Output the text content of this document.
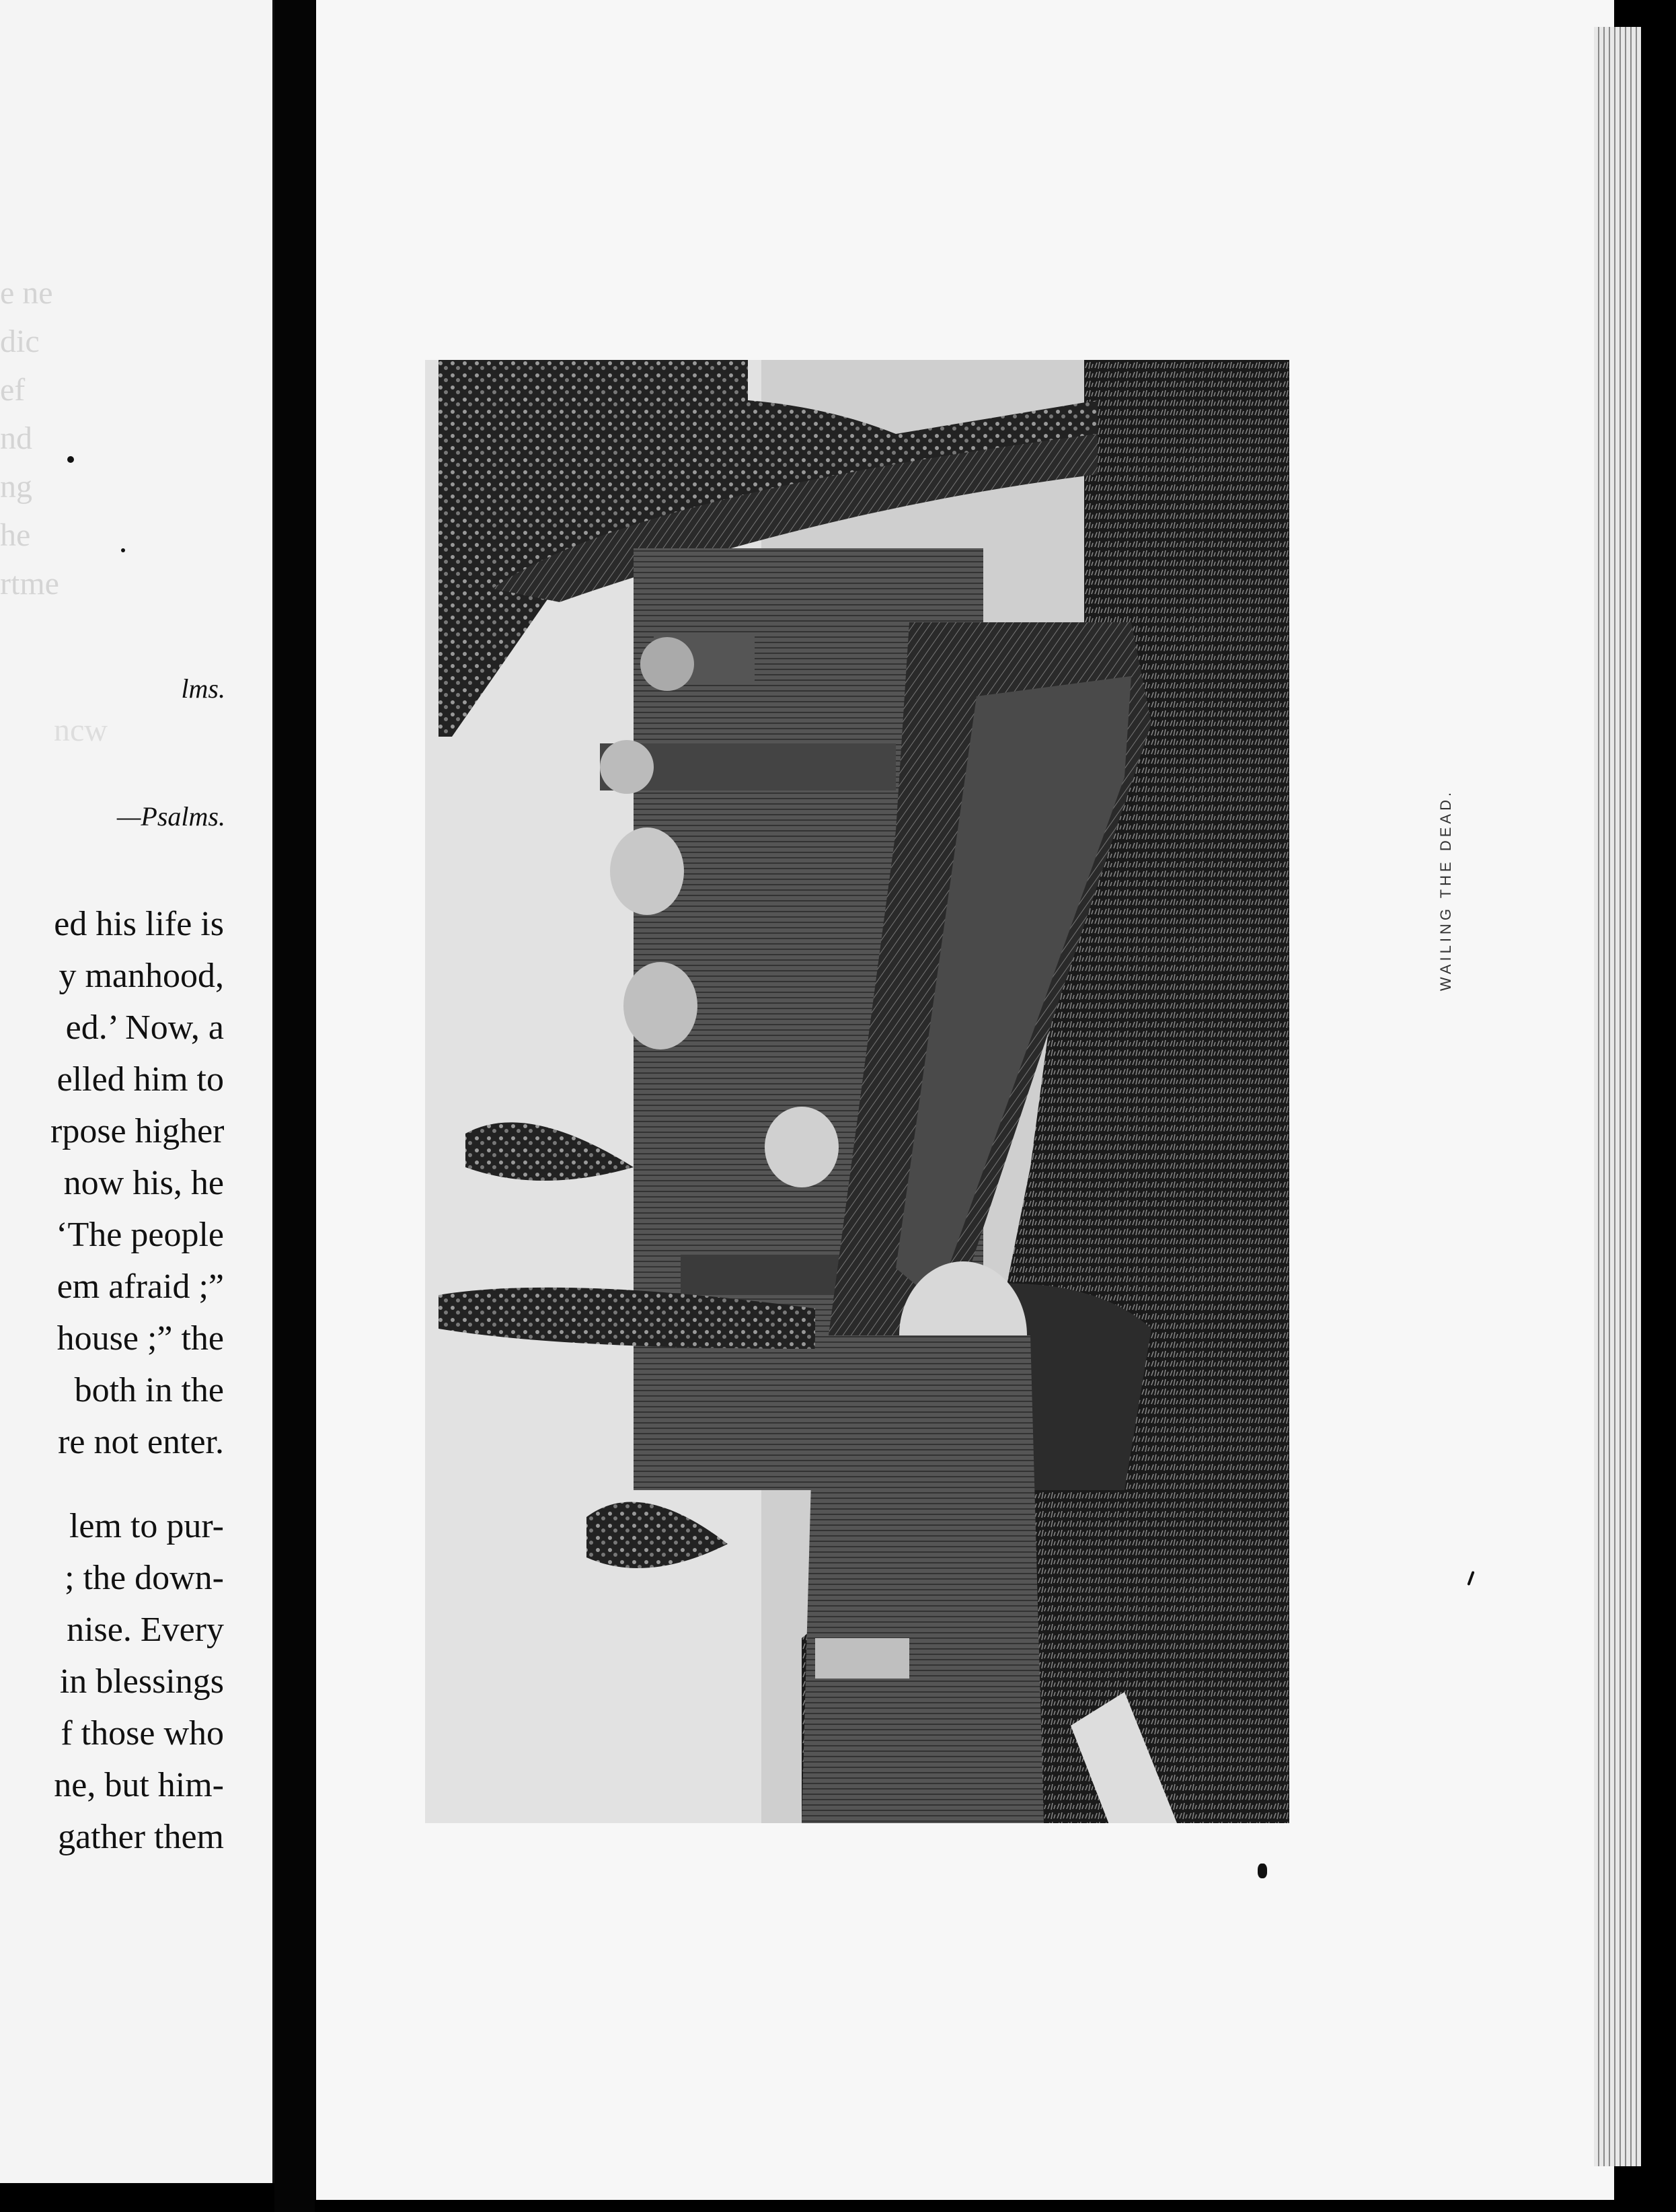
e ne
dic
ef
nd
ng
he
rtme
lms.
ncw
—Psalms.
ed his life is
y manhood,
ed.’ Now, a
elled him to
rpose higher
now his, he
‘The people
em afraid ;”
house ;” the
both in the
re not enter.
lem to pur-
; the down-
nise. Every
in blessings
f those who
ne, but him-
gather them
WAILING THE DEAD.
